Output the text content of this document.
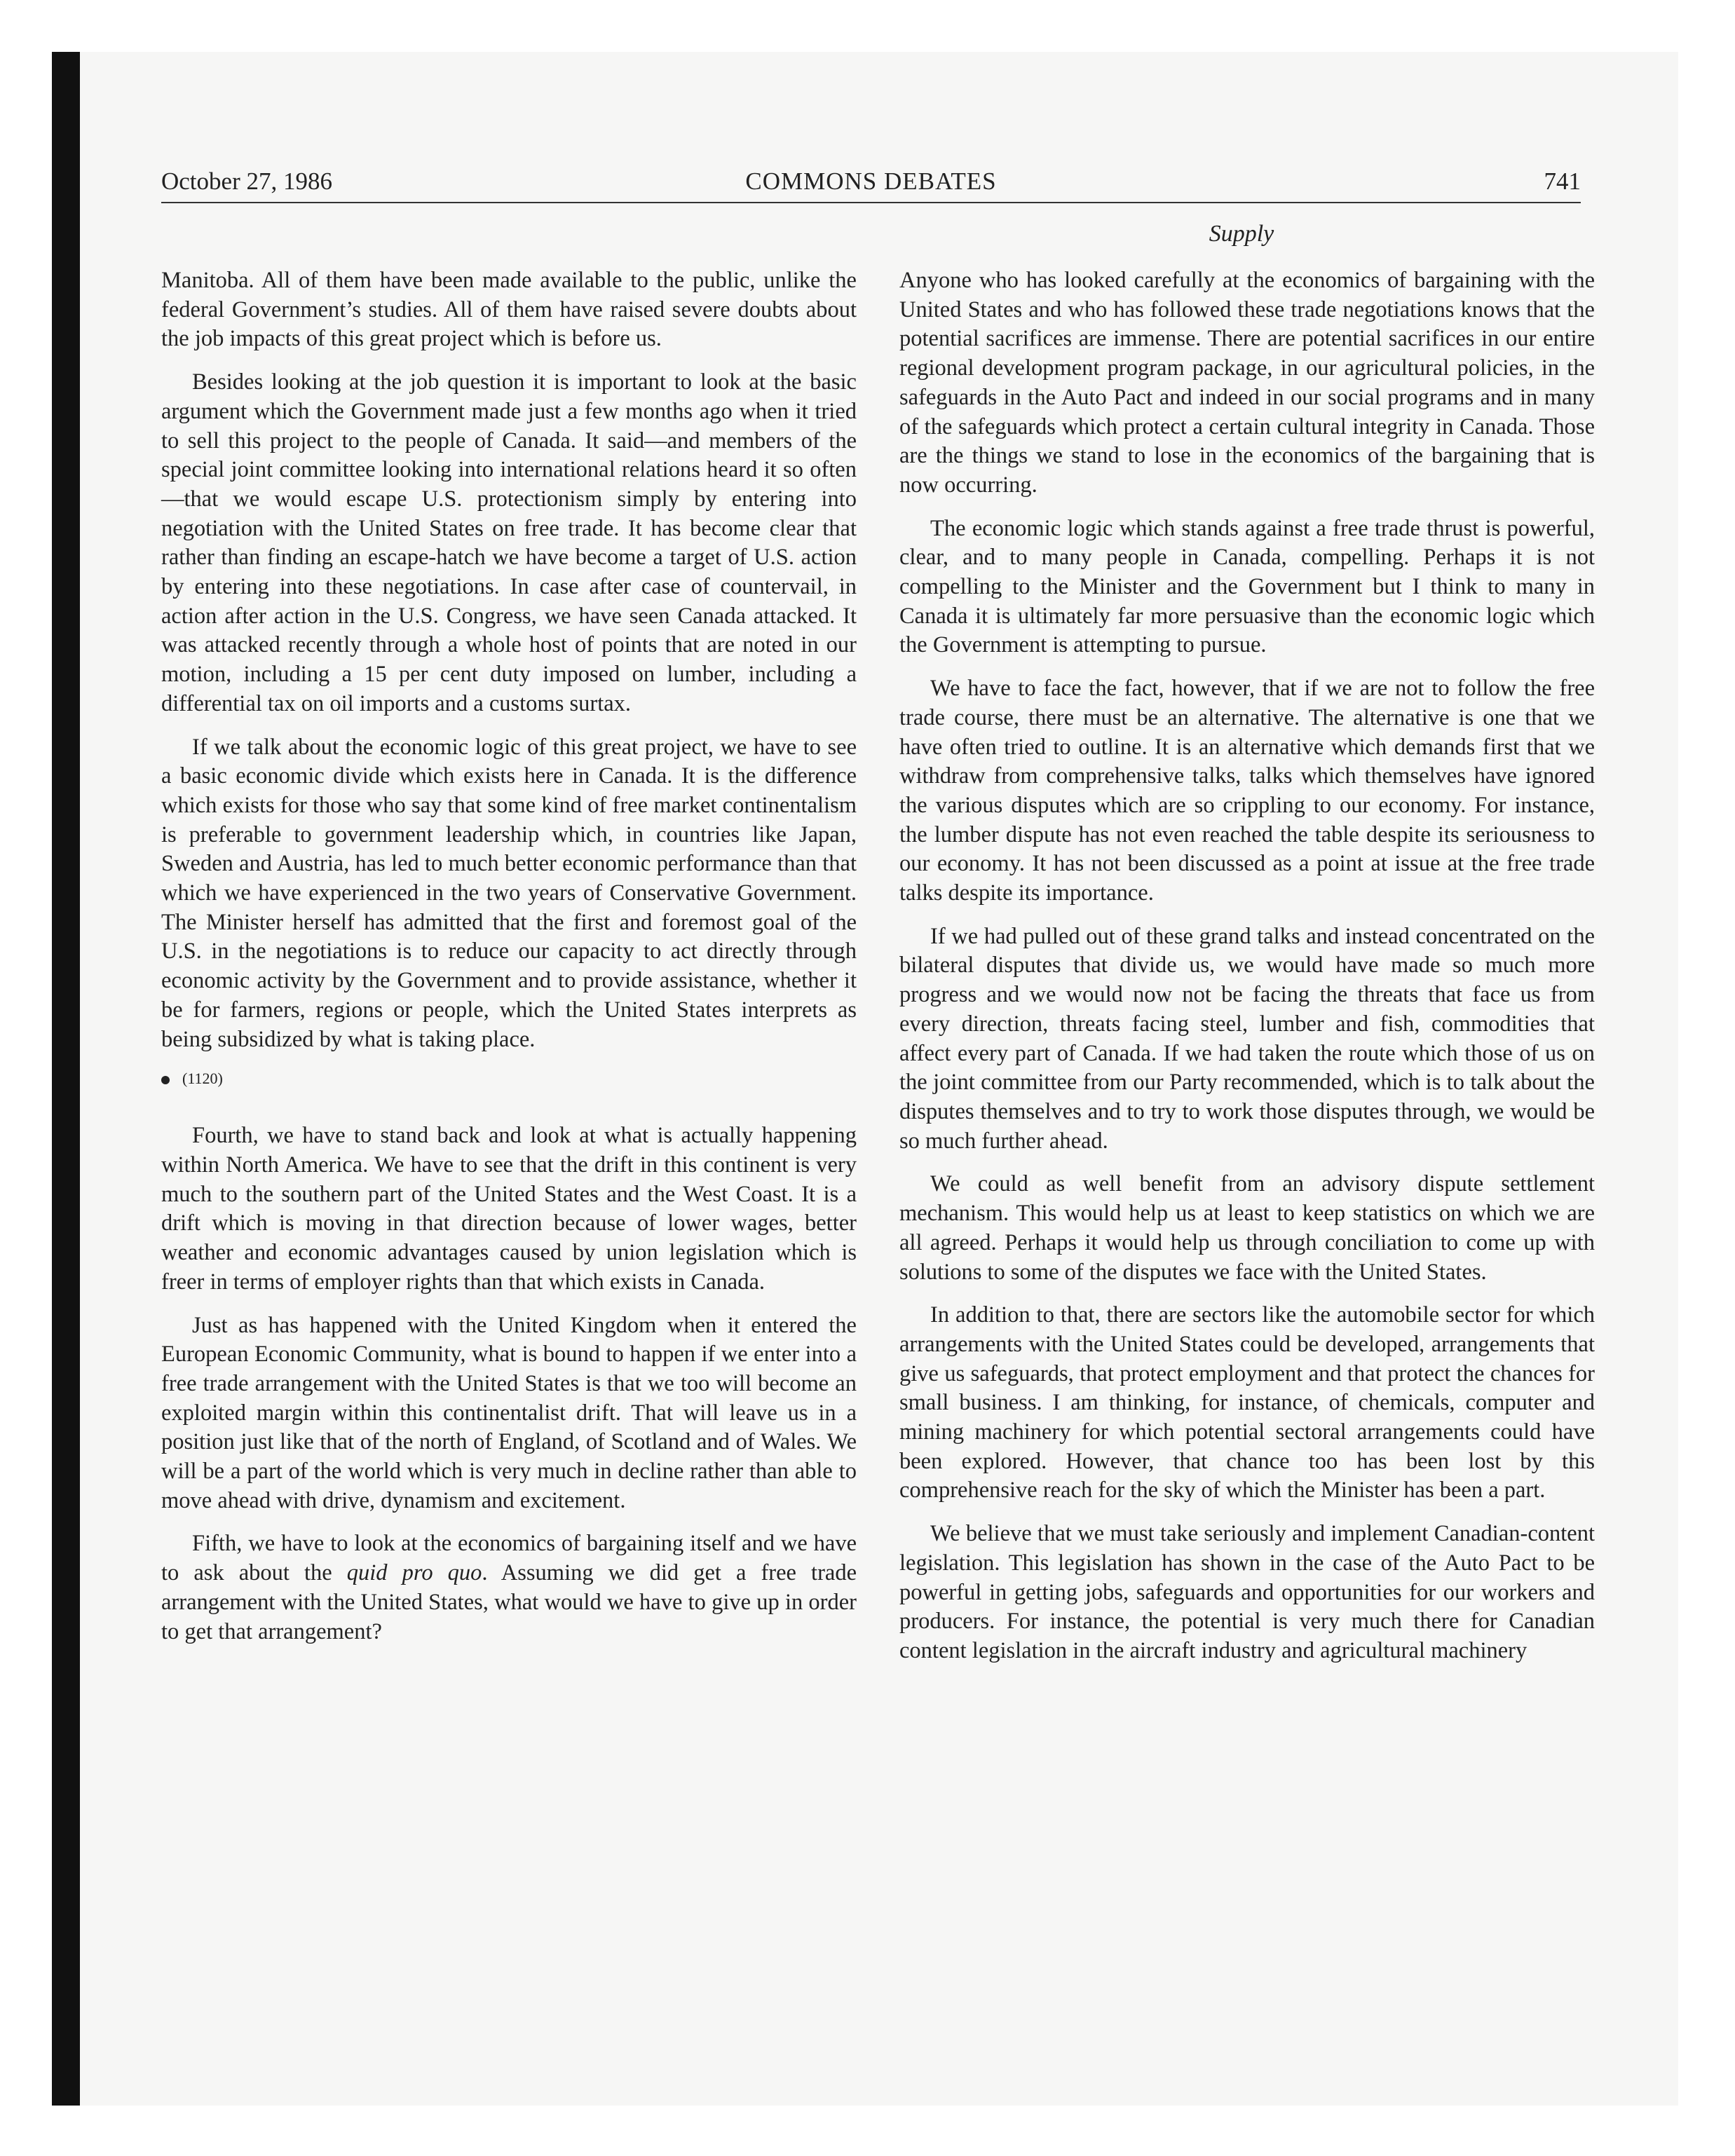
October 27, 1986	COMMONS DEBATES	741
Supply

Manitoba. All of them have been made available to the public, unlike the federal Government’s studies. All of them have raised severe doubts about the job impacts of this great project which is before us.

Besides looking at the job question it is important to look at the basic argument which the Government made just a few months ago when it tried to sell this project to the people of Canada. It said—and members of the special joint committee looking into international relations heard it so often—that we would escape U.S. protectionism simply by entering into negotiation with the United States on free trade. It has become clear that rather than finding an escape-hatch we have become a target of U.S. action by entering into these negotiations. In case after case of countervail, in action after action in the U.S. Congress, we have seen Canada attacked. It was attacked recently through a whole host of points that are noted in our motion, including a 15 per cent duty imposed on lumber, including a differential tax on oil imports and a customs surtax.

If we talk about the economic logic of this great project, we have to see a basic economic divide which exists here in Canada. It is the difference which exists for those who say that some kind of free market continentalism is preferable to government leadership which, in countries like Japan, Sweden and Austria, has led to much better economic performance than that which we have experienced in the two years of Conservative Government. The Minister herself has admitted that the first and foremost goal of the U.S. in the negotiations is to reduce our capacity to act directly through economic activity by the Government and to provide assistance, whether it be for farmers, regions or people, which the United States interprets as being subsidized by what is taking place.

(1120)

Fourth, we have to stand back and look at what is actually happening within North America. We have to see that the drift in this continent is very much to the southern part of the United States and the West Coast. It is a drift which is moving in that direction because of lower wages, better weather and economic advantages caused by union legislation which is freer in terms of employer rights than that which exists in Canada.

Just as has happened with the United Kingdom when it entered the European Economic Community, what is bound to happen if we enter into a free trade arrangement with the United States is that we too will become an exploited margin within this continentalist drift. That will leave us in a position just like that of the north of England, of Scotland and of Wales. We will be a part of the world which is very much in decline rather than able to move ahead with drive, dynamism and excitement.

Fifth, we have to look at the economics of bargaining itself and we have to ask about the quid pro quo. Assuming we did get a free trade arrangement with the United States, what would we have to give up in order to get that arrangement?

Anyone who has looked carefully at the economics of bargaining with the United States and who has followed these trade negotiations knows that the potential sacrifices are immense. There are potential sacrifices in our entire regional development program package, in our agricultural policies, in the safeguards in the Auto Pact and indeed in our social programs and in many of the safeguards which protect a certain cultural integrity in Canada. Those are the things we stand to lose in the economics of the bargaining that is now occurring.

The economic logic which stands against a free trade thrust is powerful, clear, and to many people in Canada, compelling. Perhaps it is not compelling to the Minister and the Government but I think to many in Canada it is ultimately far more persuasive than the economic logic which the Government is attempting to pursue.

We have to face the fact, however, that if we are not to follow the free trade course, there must be an alternative. The alternative is one that we have often tried to outline. It is an alternative which demands first that we withdraw from comprehensive talks, talks which themselves have ignored the various disputes which are so crippling to our economy. For instance, the lumber dispute has not even reached the table despite its seriousness to our economy. It has not been discussed as a point at issue at the free trade talks despite its importance.

If we had pulled out of these grand talks and instead concentrated on the bilateral disputes that divide us, we would have made so much more progress and we would now not be facing the threats that face us from every direction, threats facing steel, lumber and fish, commodities that affect every part of Canada. If we had taken the route which those of us on the joint committee from our Party recommended, which is to talk about the disputes themselves and to try to work those disputes through, we would be so much further ahead.

We could as well benefit from an advisory dispute settlement mechanism. This would help us at least to keep statistics on which we are all agreed. Perhaps it would help us through conciliation to come up with solutions to some of the disputes we face with the United States.

In addition to that, there are sectors like the automobile sector for which arrangements with the United States could be developed, arrangements that give us safeguards, that protect employment and that protect the chances for small business. I am thinking, for instance, of chemicals, computer and mining machinery for which potential sectoral arrangements could have been explored. However, that chance too has been lost by this comprehensive reach for the sky of which the Minister has been a part.

We believe that we must take seriously and implement Canadian-content legislation. This legislation has shown in the case of the Auto Pact to be powerful in getting jobs, safeguards and opportunities for our workers and producers. For instance, the potential is very much there for Canadian content legislation in the aircraft industry and agricultural machinery
